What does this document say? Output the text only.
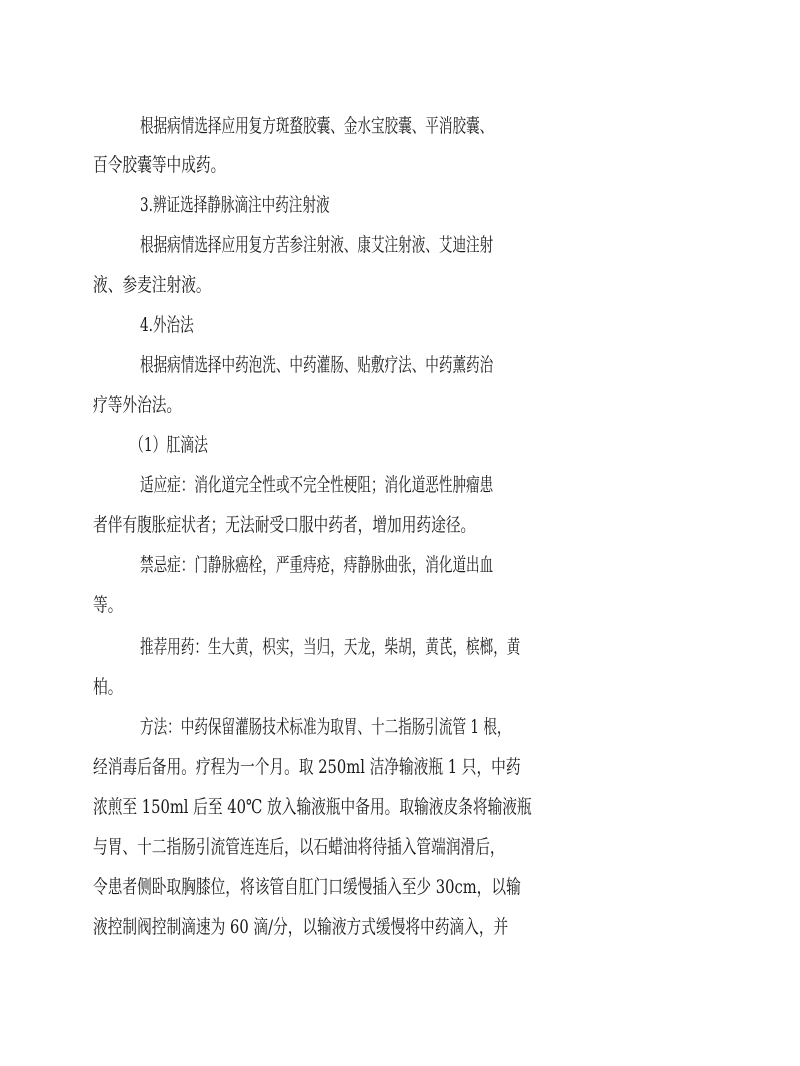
根据病情选择应用复方斑蝥胶囊、金水宝胶囊、平消胶囊、
百令胶囊等中成药。
3.辨证选择静脉滴注中药注射液
根据病情选择应用复方苦参注射液、康艾注射液、艾迪注射
液、参麦注射液。
4.外治法
根据病情选择中药泡洗、中药灌肠、贴敷疗法、中药薰药治
疗等外治法。
（1）肛滴法
适应症：消化道完全性或不完全性梗阻；消化道恶性肿瘤患
者伴有腹胀症状者；无法耐受口服中药者，增加用药途径。
禁忌症：门静脉癌栓，严重痔疮，痔静脉曲张，消化道出血
等。
推荐用药：生大黄，枳实，当归，天龙，柴胡，黄芪，槟榔，黄
柏。
方法：中药保留灌肠技术标准为取胃、十二指肠引流管 1 根，
经消毒后备用。疗程为一个月。取 250ml 洁净输液瓶 1 只，中药
浓煎至 150ml 后至 40℃ 放入输液瓶中备用。取输液皮条将输液瓶
与胃、十二指肠引流管连连后，以石蜡油将待插入管端润滑后，
令患者侧卧取胸膝位，将该管自肛门口缓慢插入至少 30cm，以输
液控制阀控制滴速为 60 滴/分，以输液方式缓慢将中药滴入，并
